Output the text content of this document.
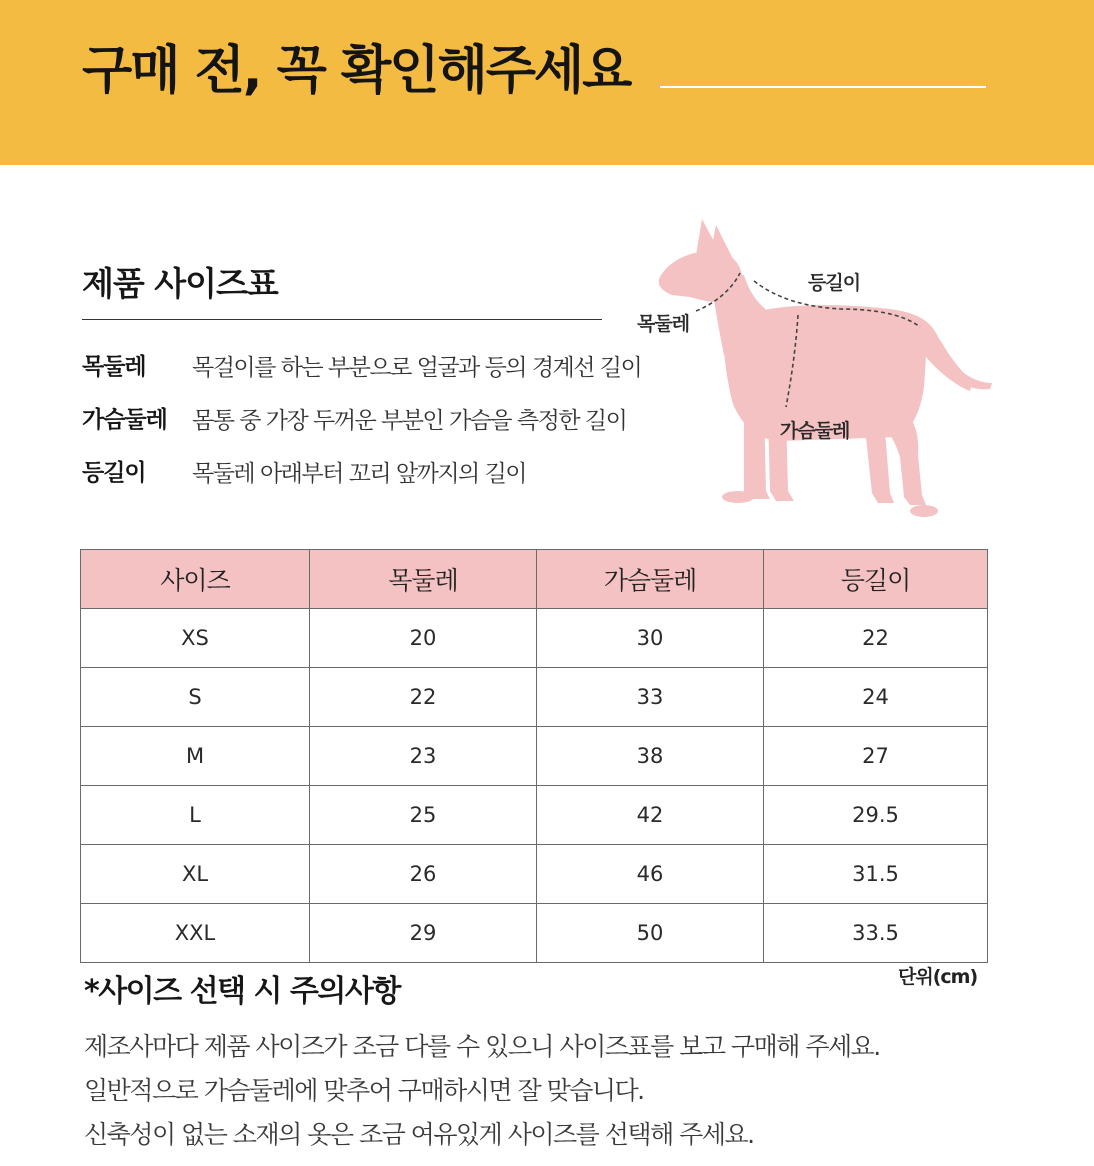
구매 전, 꼭 확인해주세요
제품 사이즈표
목둘레 목걸이를 하는 부분으로 얼굴과 등의 경계선 길이
가슴둘레 몸통 중 가장 두꺼운 부분인 가슴을 측정한 길이
등길이 목둘레 아래부터 꼬리 앞까지의 길이
등길이
목둘레
가슴둘레
사이즈	목둘레	가슴둘레	등길이
XS	20	30	22
S	22	33	24
M	23	38	27
L	25	42	29.5
XL	26	46	31.5
XXL	29	50	33.5
단위(cm)
*사이즈 선택 시 주의사항
제조사마다 제품 사이즈가 조금 다를 수 있으니 사이즈표를 보고 구매해 주세요.
일반적으로 가슴둘레에 맞추어 구매하시면 잘 맞습니다.
신축성이 없는 소재의 옷은 조금 여유있게 사이즈를 선택해 주세요.
